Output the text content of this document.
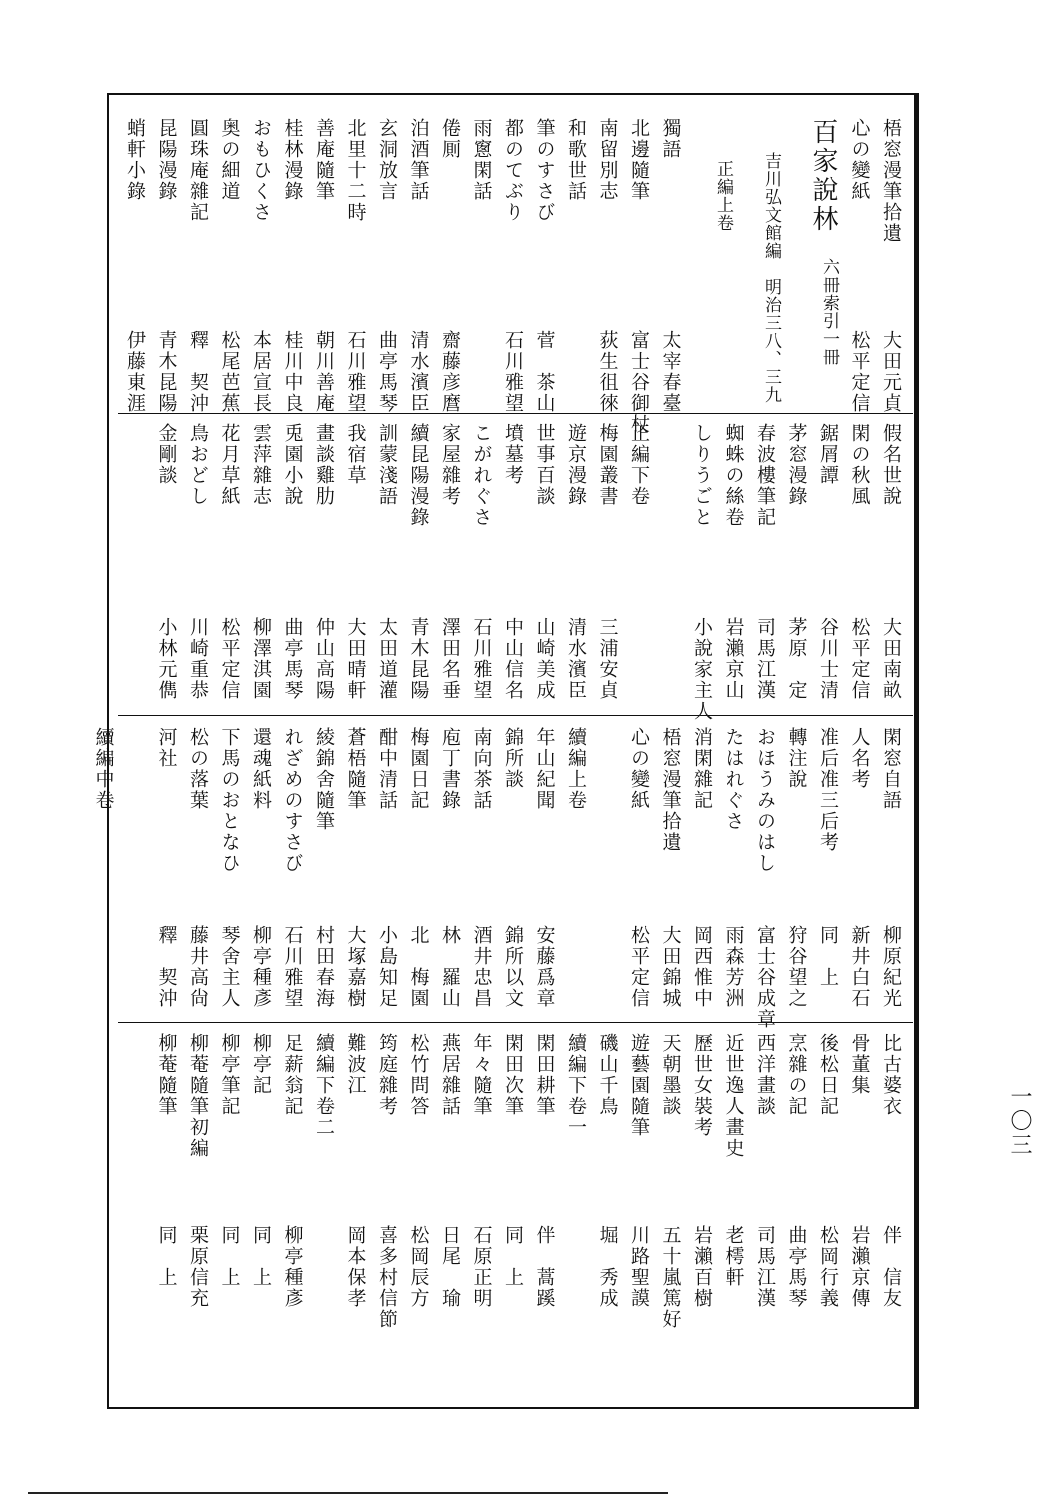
百家說林
六冊索引一冊
吉川弘文館編　明治三八、三九
正編上卷	梧窓漫筆拾遺
心の變紙
獨語
北邊隨筆
南留別志
和歌世話
筆のすさび
都のてぶり
雨窻閑話
倦厠
泊酒筆話
玄洞放言
北里十二時
善庵隨筆
桂林漫錄
おもひくさ
奥の細道
圓珠庵雜記
昆陽漫錄
蛸軒小錄
大田元貞
松平定信
太宰春臺
富士谷御杖
荻生徂徠
菅　茶山
石川雅望
齋藤彦麿
清水濱臣
曲亭馬琴
石川雅望
朝川善庵
桂川中良
本居宣長
松尾芭蕉
釋　契沖
青木昆陽
伊藤東涯
假名世說
閑の秋風
鋸屑譚
茅窓漫錄
春波樓筆記
蜘蛛の絲卷
しりうごと
正編下卷
梅園叢書
遊京漫錄
世事百談
墳墓考
こがれぐさ
家屋雜考
續昆陽漫錄
訓蒙淺語
我宿草
畫談雞肋
兎園小說
雲萍雜志
花月草紙
鳥おどし
金剛談
大田南畝
松平定信
谷川士清
茅原　定
司馬江漢
岩瀨京山
小說家主人
三浦安貞
清水濱臣
山崎美成
中山信名
石川雅望
澤田名垂
青木昆陽
太田道灌
大田晴軒
仲山高陽
曲亭馬琴
柳澤淇園
松平定信
川崎重恭
小林元儁
閑窓自語
人名考
准后准三后考
轉注說
おほうみのはし
たはれぐさ
消閑雜記
梧窓漫筆拾遺
心の變紙
續編上卷
年山紀聞
錦所談
南向茶話
庖丁書錄
梅園日記
酣中清話
蒼梧隨筆
綾錦舍隨筆
れざめのすさび
還魂紙料
下馬のおとなひ
松の落葉
河社
續編中卷
柳原紀光
新井白石
同　上
狩谷望之
富士谷成章
雨森芳洲
岡西惟中
大田錦城
松平定信
安藤爲章
錦所以文
酒井忠昌
林　羅山
北　梅園
小島知足
大塚嘉樹
村田春海
石川雅望
柳亭種彥
琴舍主人
藤井高尙
釋　契沖
比古婆衣
骨董集
後松日記
烹雜の記
西洋畫談
近世逸人畫史
歷世女裝考
天朝墨談
遊藝園隨筆
磯山千鳥
續編下卷一
閑田耕筆
閑田次筆
年々隨筆
燕居雜話
松竹問答
筠庭雜考
難波江
續編下卷二
足薪翁記
柳亭記
柳亭筆記
柳菴隨筆初編
柳菴隨筆
伴　信友
岩瀨京傳
松岡行義
曲亭馬琴
司馬江漢
老樗軒
岩瀨百樹
五十嵐篤好
川路聖謨
堀　秀成
伴　蒿蹊
同　上
石原正明
日尾　瑜
松岡辰方
喜多村信節
岡本保孝
柳亭種彥
同　上
同　上
栗原信充
同　上
一〇三
